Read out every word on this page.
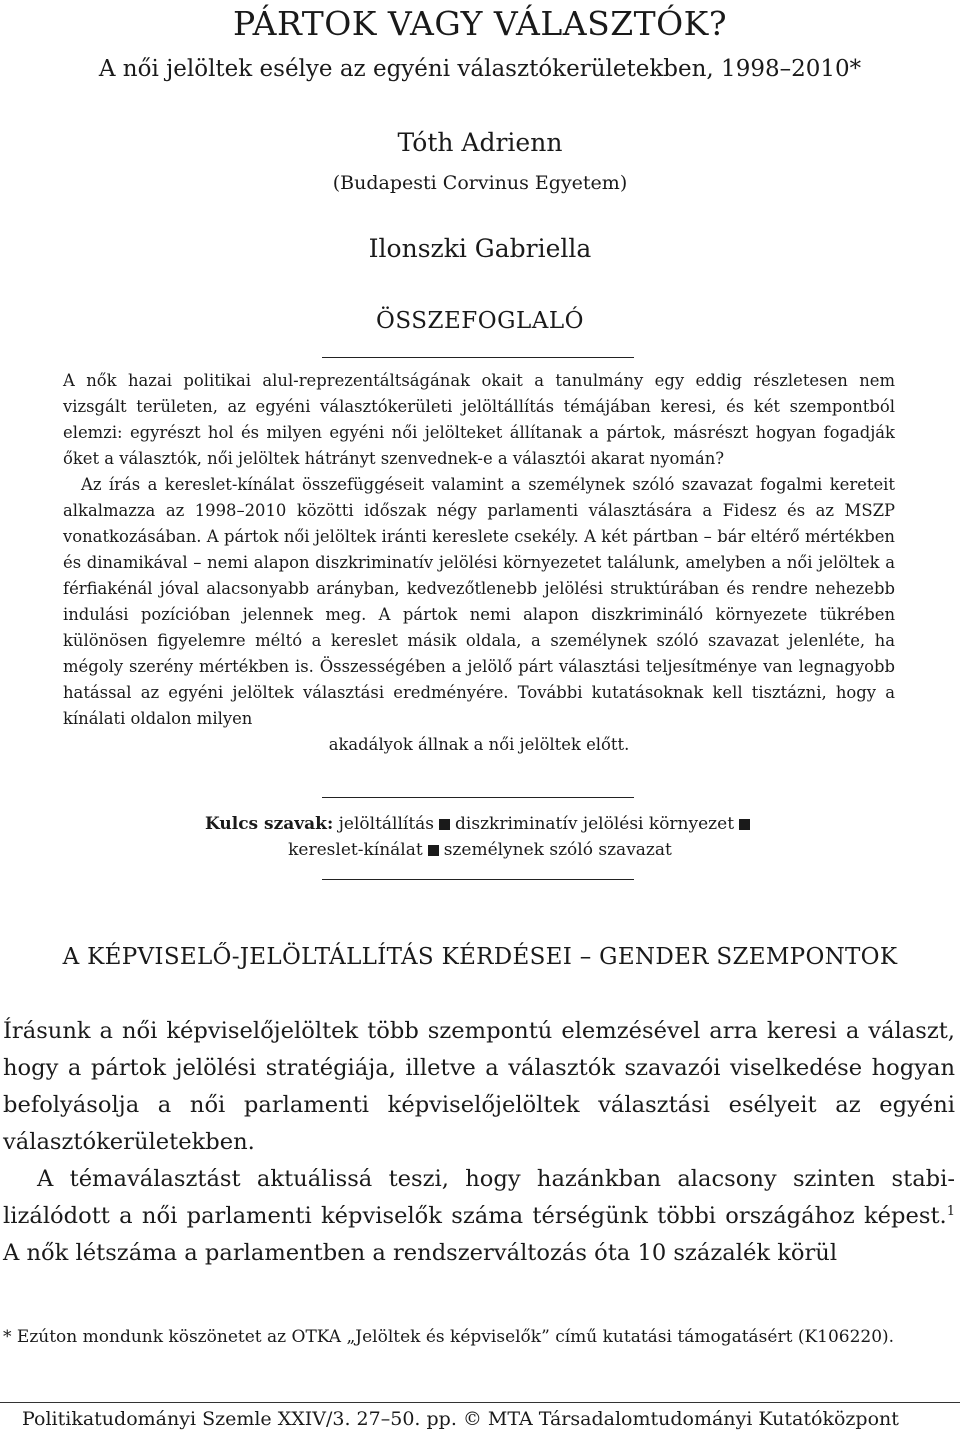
PÁRTOK VAGY VÁLASZTÓK?
A női jelöltek esélye az egyéni választókerületekben, 1998–2010*
Tóth Adrienn
(Budapesti Corvinus Egyetem)
Ilonszki Gabriella
ÖSSZEFOGLALÓ

A nők hazai politikai alul-reprezentáltságának okait a tanulmány egy eddig részletesen nem vizsgált területen, az egyéni választókerületi jelöltállítás témájában keresi, és két szempontból elemzi: egyrészt hol és milyen egyéni női jelölteket állítanak a pártok, másrészt hogyan fogadják őket a választók, női jelöltek hátrányt szenvednek-e a választói akarat nyomán?

Az írás a kereslet-kínálat összefüggéseit valamint a személynek szóló szavazat fogalmi kereteit alkalmazza az 1998–2010 közötti időszak négy parlamenti választására a Fidesz és az MSZP vonatkozásában. A pártok női jelöltek iránti kereslete csekély. A két pártban – bár eltérő mértékben és dinamikával – nemi alapon diszkriminatív jelölési környezetet találunk, amelyben a női jelöltek a férfiakénál jóval alacsonyabb arányban, kedvezőtlenebb jelölési struktúrában és rendre nehezebb indulási pozícióban jelennek meg. A pártok nemi alapon diszkrimináló környezete tükrében különösen figyelemre méltó a kereslet másik oldala, a személynek szóló szavazat jelenléte, ha mégoly szerény mértékben is. Összességében a jelölő párt választási teljesítménye van legnagyobb hatással az egyéni jelöltek választási eredményére. További kutatásoknak kell tisztázni, hogy a kínálati oldalon milyen

akadályok állnak a női jelöltek előtt.

Kulcs szavak: jelöltállítás diszkriminatív jelölési környezet
kereslet-kínálat személynek szóló szavazat
A KÉPVISELŐ-JELÖLTÁLLÍTÁS KÉRDÉSEI – GENDER SZEMPONTOK

Írásunk a női képviselőjelöltek több szempontú elemzésével arra keresi a választ, hogy a pártok jelölési stratégiája, illetve a választók szavazói viselkedése hogyan befolyásolja a női parlamenti képviselőjelöltek választási esélyeit az egyéni választókerületekben.

A témaválasztást aktuálissá teszi, hogy hazánkban alacsony szinten stabilizálódott a női parlamenti képviselők száma térségünk többi országához képest.$^1$ A nők létszáma a parlamentben a rendszerváltozás óta 10 százalék körül

* Ezúton mondunk köszönetet az OTKA „Jelöltek és képviselők” című kutatási támogatásért (K106220).
Politikatudományi Szemle XXIV/3. 27–50. pp. © MTA Társadalomtudományi Kutatóközpont
